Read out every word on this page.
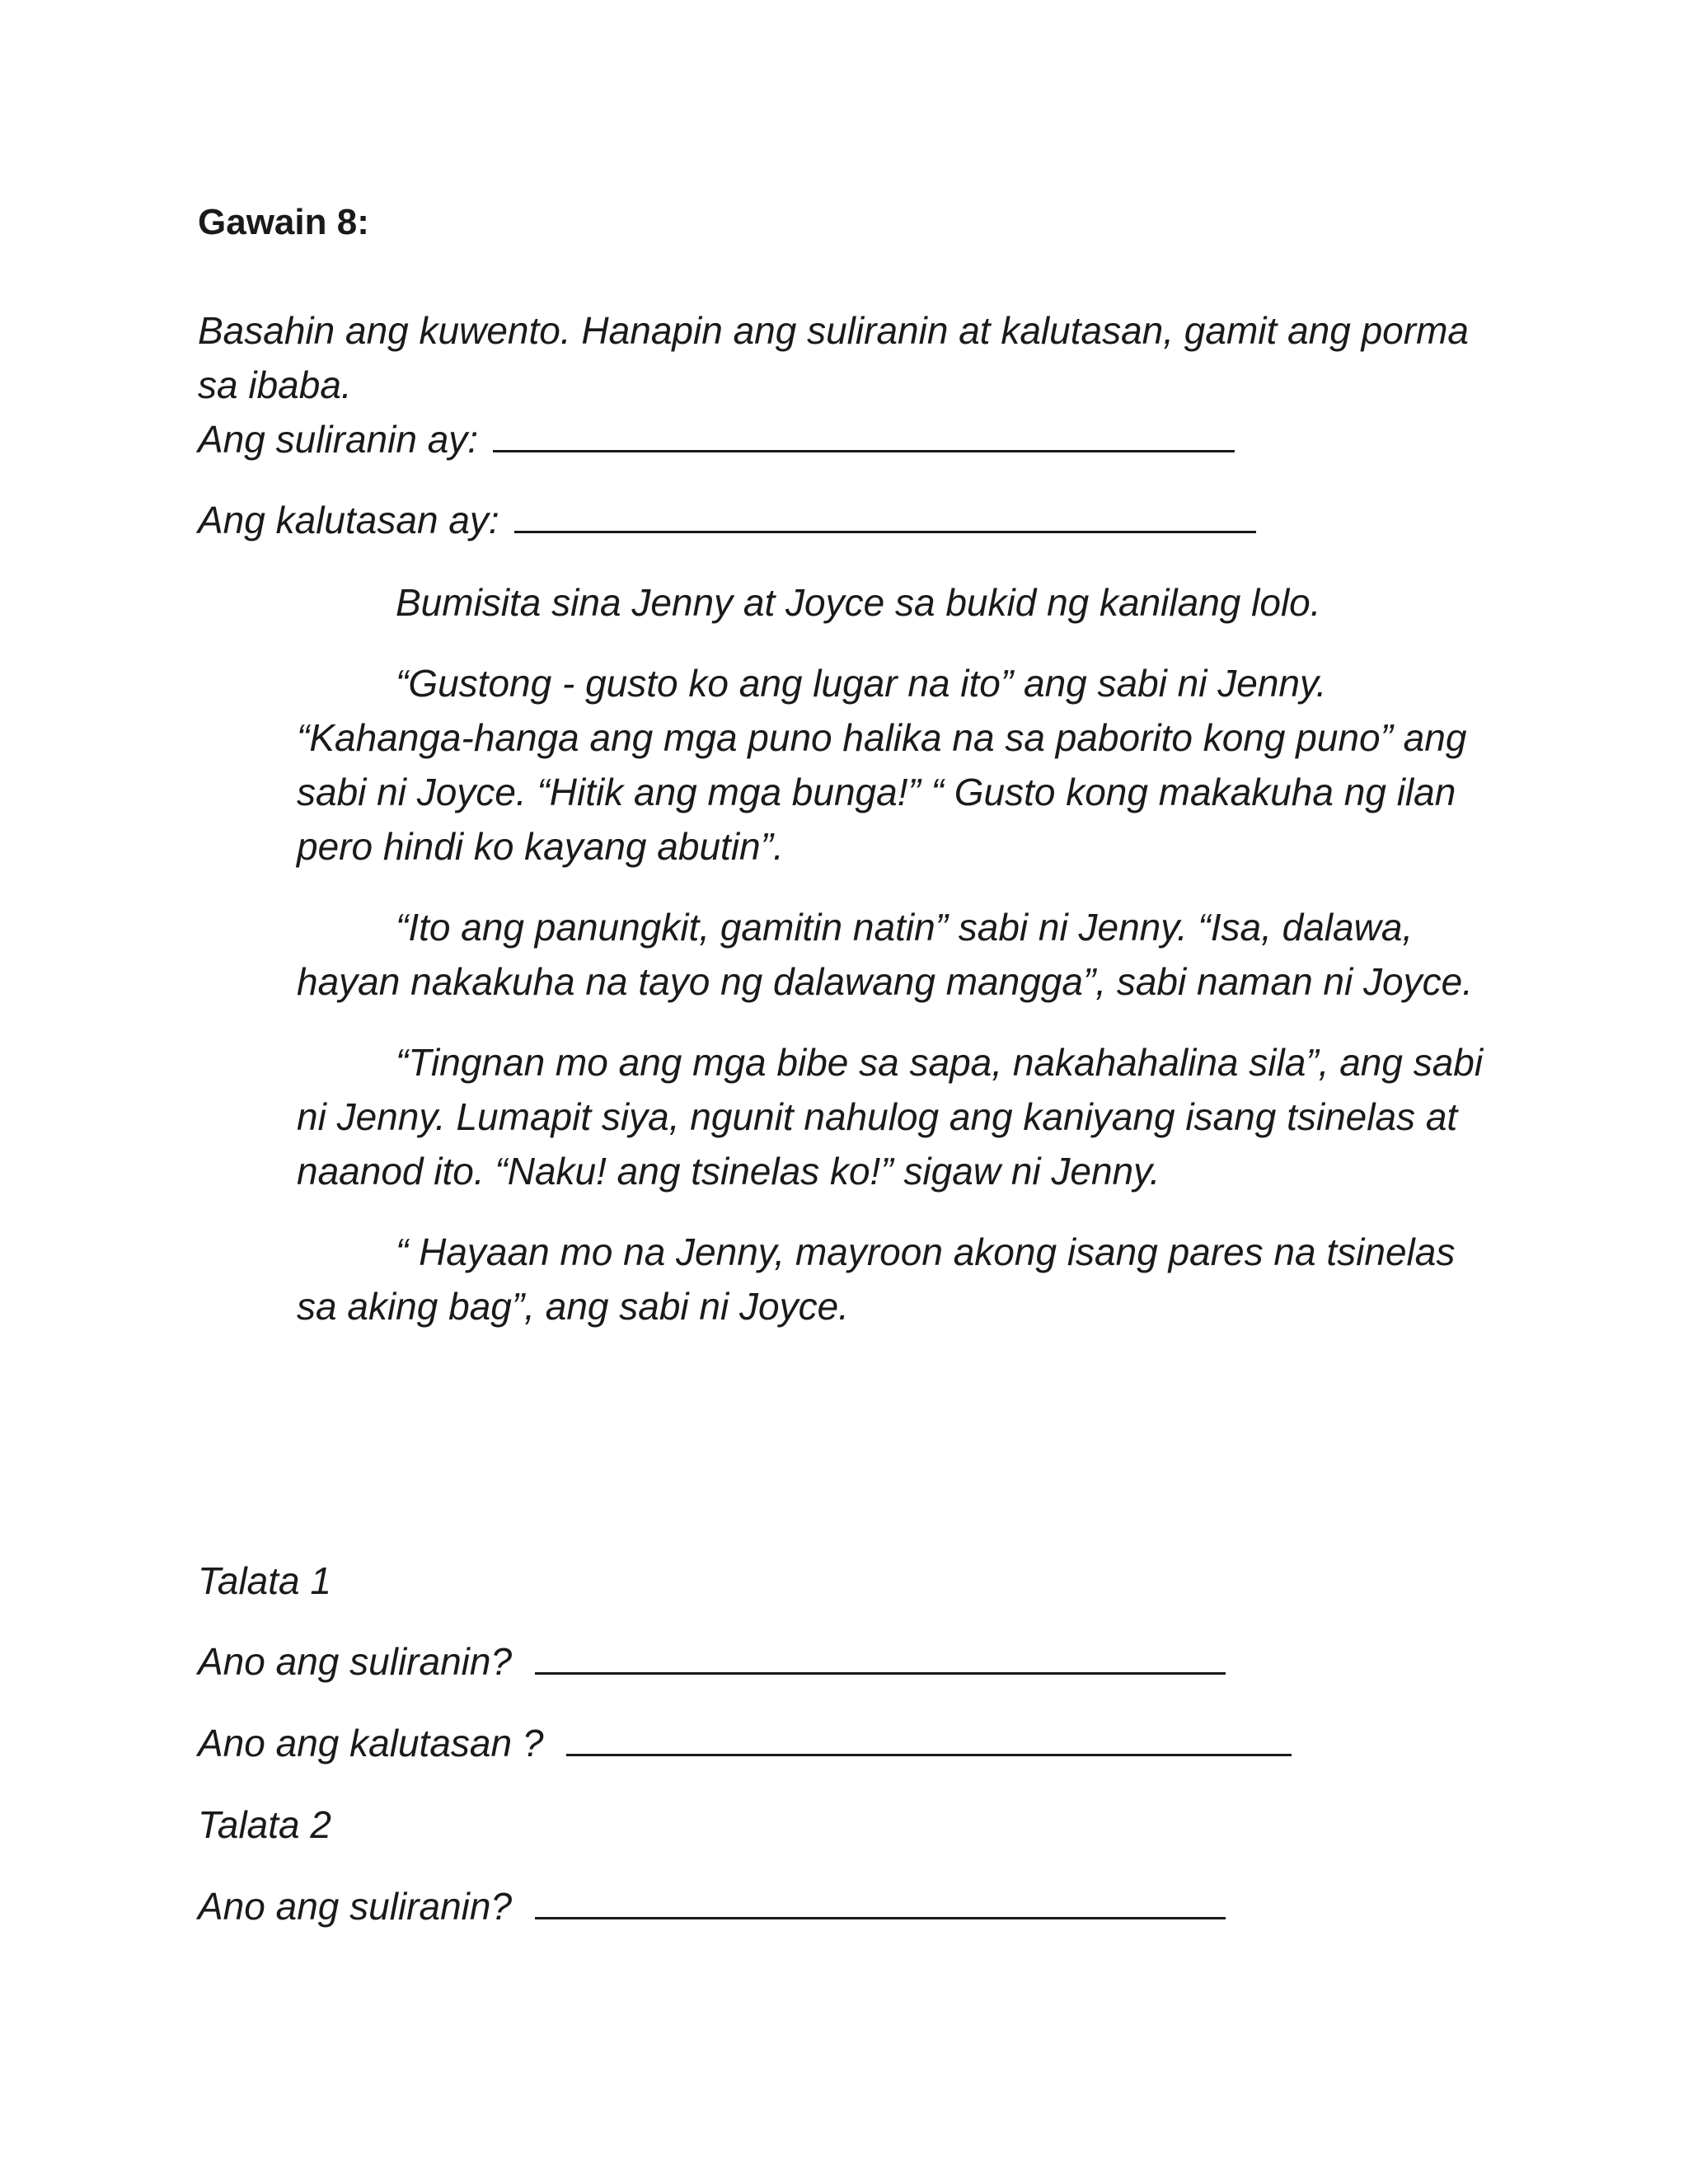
Gawain 8:

Basahin ang kuwento. Hanapin ang suliranin at kalutasan, gamit ang porma sa ibaba.

Ang suliranin ay:
Ang kalutasan ay:

Bumisita sina Jenny at Joyce sa bukid ng kanilang lolo.

“Gustong - gusto ko ang lugar na ito” ang sabi ni Jenny. “Kahanga-hanga ang mga puno halika na sa paborito kong puno” ang sabi ni Joyce. “Hitik ang mga bunga!” “ Gusto kong makakuha ng ilan pero hindi ko kayang abutin”.

“Ito ang panungkit, gamitin natin” sabi ni Jenny. “Isa, dalawa, hayan nakakuha na tayo ng dalawang mangga”, sabi naman ni Joyce.

“Tingnan mo ang mga bibe sa sapa, nakahahalina sila”, ang sabi ni Jenny. Lumapit siya, ngunit nahulog ang kaniyang isang tsinelas at naanod ito. “Naku! ang tsinelas ko!” sigaw ni Jenny.

“ Hayaan mo na Jenny, mayroon akong isang pares na tsinelas sa aking bag”, ang sabi ni Joyce.

Talata 1

Ano ang suliranin?
Ano ang kalutasan ?

Talata 2

Ano ang suliranin?
